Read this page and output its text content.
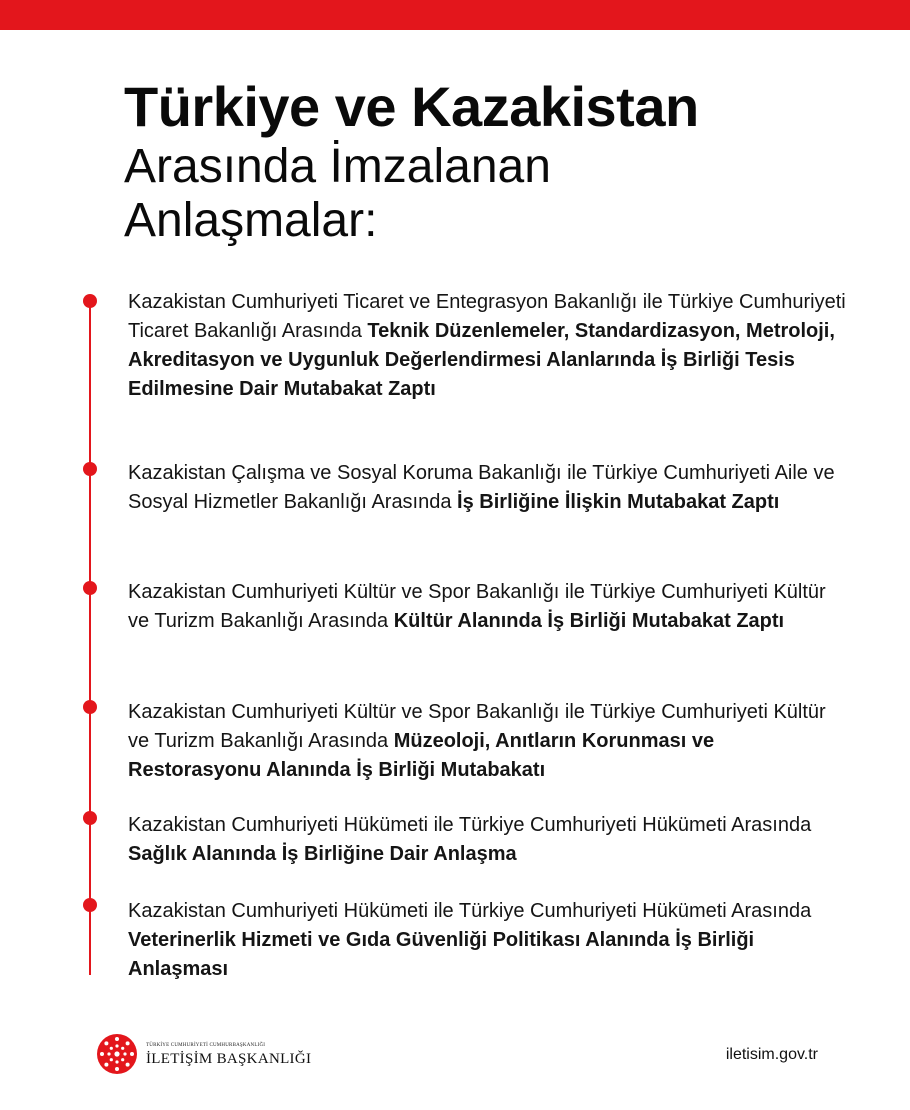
Türkiye ve Kazakistan
Arasında İmzalanan
Anlaşmalar:
Kazakistan Cumhuriyeti Ticaret ve Entegrasyon Bakanlığı ile Türkiye Cumhuriyeti Ticaret Bakanlığı Arasında Teknik Düzenlemeler, Standardizasyon, Metroloji, Akreditasyon ve Uygunluk Değerlendirmesi Alanlarında İş Birliği Tesis Edilmesine Dair Mutabakat Zaptı
Kazakistan Çalışma ve Sosyal Koruma Bakanlığı ile Türkiye Cumhuriyeti Aile ve Sosyal Hizmetler Bakanlığı Arasında İş Birliğine İlişkin Mutabakat Zaptı
Kazakistan Cumhuriyeti Kültür ve Spor Bakanlığı ile Türkiye Cumhuriyeti Kültür ve Turizm Bakanlığı Arasında Kültür Alanında İş Birliği Mutabakat Zaptı
Kazakistan Cumhuriyeti Kültür ve Spor Bakanlığı ile Türkiye Cumhuriyeti Kültür ve Turizm Bakanlığı Arasında Müzeoloji, Anıtların Korunması ve Restorasyonu Alanında İş Birliği Mutabakatı
Kazakistan Cumhuriyeti Hükümeti ile Türkiye Cumhuriyeti Hükümeti Arasında Sağlık Alanında İş Birliğine Dair Anlaşma
Kazakistan Cumhuriyeti Hükümeti ile Türkiye Cumhuriyeti Hükümeti Arasında Veterinerlik Hizmeti ve Gıda Güvenliği Politikası Alanında İş Birliği Anlaşması
TÜRKİYE CUMHURİYETİ CUMHURBAŞKANLIĞI
İLETİŞİM BAŞKANLIĞI	iletisim.gov.tr
